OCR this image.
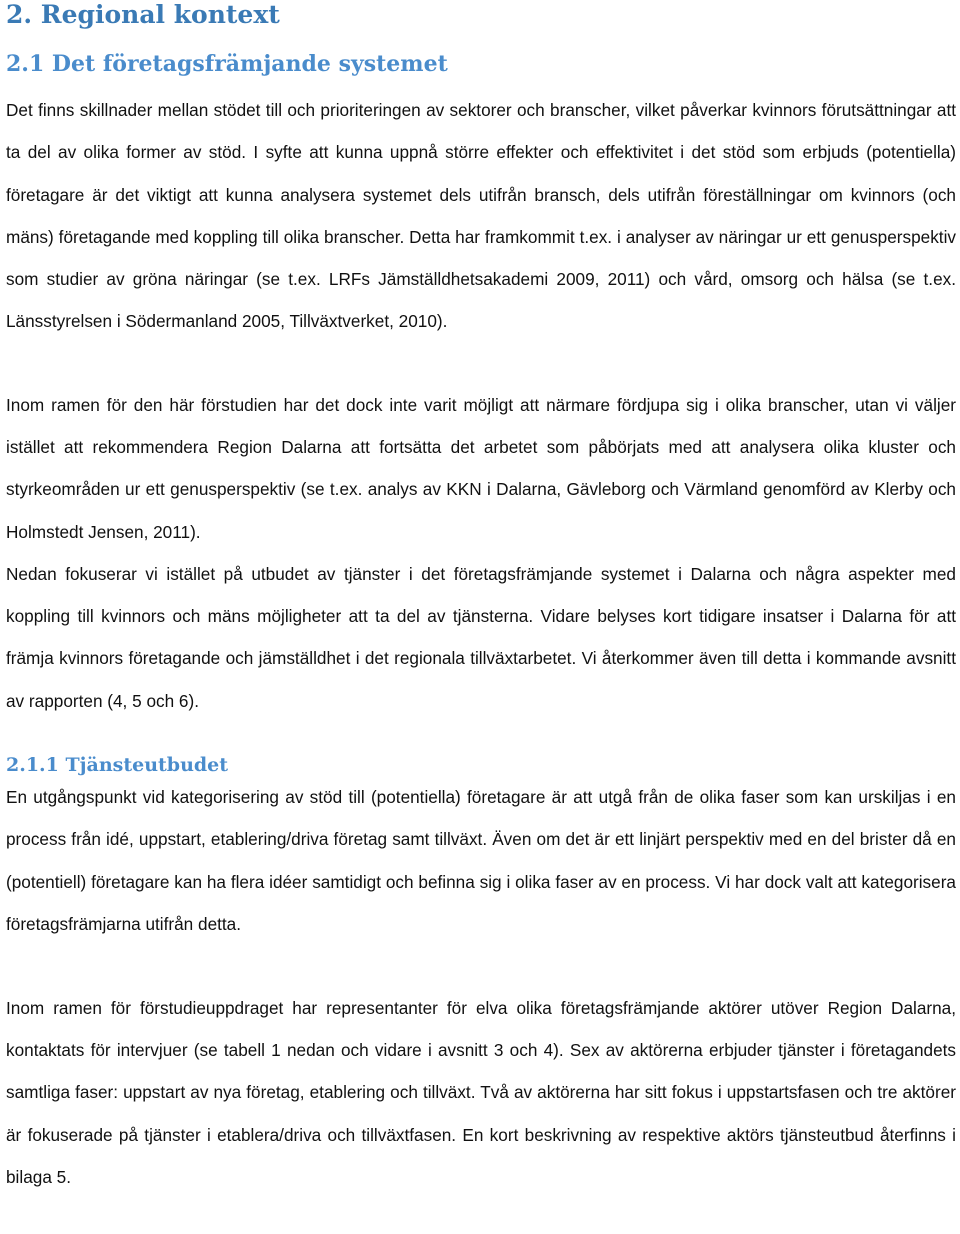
2. Regional kontext
2.1 Det företagsfrämjande systemet

Det finns skillnader mellan stödet till och prioriteringen av sektorer och branscher, vilket påverkar kvinnors förutsättningar att ta del av olika former av stöd. I syfte att kunna uppnå större effekter och effektivitet i det stöd som erbjuds (potentiella) företagare är det viktigt att kunna analysera systemet dels utifrån bransch, dels utifrån föreställningar om kvinnors (och mäns) företagande med koppling till olika branscher. Detta har framkommit t.ex. i analyser av näringar ur ett genusperspektiv som studier av gröna näringar (se t.ex. LRFs Jämställdhetsakademi 2009, 2011) och vård, omsorg och hälsa (se t.ex. Länsstyrelsen i Södermanland 2005, Tillväxtverket, 2010).

Inom ramen för den här förstudien har det dock inte varit möjligt att närmare fördjupa sig i olika branscher, utan vi väljer istället att rekommendera Region Dalarna att fortsätta det arbetet som påbörjats med att analysera olika kluster och styrkeområden ur ett genusperspektiv (se t.ex. analys av KKN i Dalarna, Gävleborg och Värmland genomförd av Klerby och Holmstedt Jensen, 2011).

Nedan fokuserar vi istället på utbudet av tjänster i det företagsfrämjande systemet i Dalarna och några aspekter med koppling till kvinnors och mäns möjligheter att ta del av tjänsterna. Vidare belyses kort tidigare insatser i Dalarna för att främja kvinnors företagande och jämställdhet i det regionala tillväxtarbetet. Vi återkommer även till detta i kommande avsnitt av rapporten (4, 5 och 6).

2.1.1 Tjänsteutbudet

En utgångspunkt vid kategorisering av stöd till (potentiella) företagare är att utgå från de olika faser som kan urskiljas i en process från idé, uppstart, etablering/driva företag samt tillväxt. Även om det är ett linjärt perspektiv med en del brister då en (potentiell) företagare kan ha flera idéer samtidigt och befinna sig i olika faser av en process. Vi har dock valt att kategorisera företagsfrämjarna utifrån detta.

Inom ramen för förstudieuppdraget har representanter för elva olika företagsfrämjande aktörer utöver Region Dalarna, kontaktats för intervjuer (se tabell 1 nedan och vidare i avsnitt 3 och 4). Sex av aktörerna erbjuder tjänster i företagandets samtliga faser: uppstart av nya företag, etablering och tillväxt. Två av aktörerna har sitt fokus i uppstartsfasen och tre aktörer är fokuserade på tjänster i etablera/driva och tillväxtfasen. En kort beskrivning av respektive aktörs tjänsteutbud återfinns i bilaga 5.
